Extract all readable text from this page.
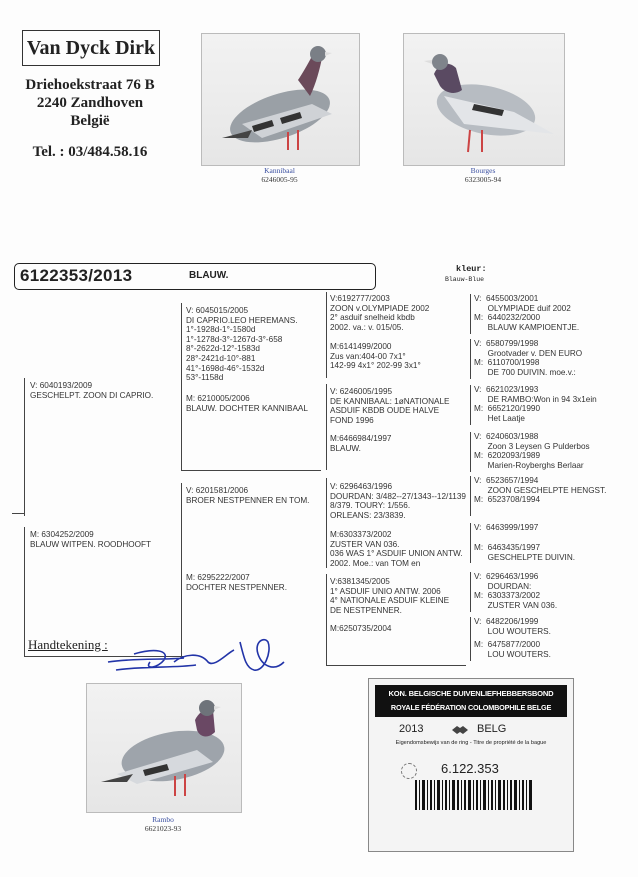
Van Dyck Dirk
Driehoekstraat 76 B
2240 Zandhoven
België
Tel. : 03/484.58.16
Kannibaal
6246005-95
Bourges
6323005-94
6122353/2013	BLAUW.
kleur:
Blauw-Blue
V: 6040193/2009
GESCHELPT. ZOON DI CAPRIO.
M: 6304252/2009
BLAUW WITPEN. ROODHOOFT
V: 6045015/2005
DI CAPRIO.LEO HEREMANS.
1°-1928d-1°-1580d
1°-1278d-3°-1267d-3°-658
8°-2622d-12°-1583d
28°-2421d-10°-881
41°-1698d-46°-1532d
53°-1158d
M: 6210005/2006
BLAUW. DOCHTER KANNIBAAL
V: 6201581/2006
BROER NESTPENNER EN TOM.
M: 6295222/2007
DOCHTER NESTPENNER.
V:6192777/2003
ZOON v.OLYMPIADE 2002
2° asduif snelheid kbdb
2002. va.: v. 015/05.
M:6141499/2000
Zus van:404-00 7x1°
142-99 4x1° 202-99 3x1°
V: 6246005/1995
DE KANNIBAAL: 1øNATIONALE
ASDUIF KBDB OUDE HALVE
FOND 1996
M:6466984/1997
BLAUW.
V: 6296463/1996
DOURDAN: 3/482--27/1343--12/1139
8/379. TOURY: 1/556.
ORLEANS: 23/3839.
M:6303373/2002
ZUSTER VAN 036.
036 WAS 1° ASDUIF UNION ANTW.
2002. Moe.: van TOM en
V:6381345/2005
1° ASDUIF UNIO ANTW. 2006
4° NATIONALE ASDUIF KLEINE
DE NESTPENNER.
M:6250735/2004
V:  6455003/2001
OLYMPIADE duif 2002
M:  6440232/2000
BLAUW KAMPIOENTJE.
V:  6580799/1998
Grootvader v. DEN EURO
M:  6110700/1998
DE 700 DUIVIN. moe.v.:
V:  6621023/1993
DE RAMBO:Won in 94 3x1ein
M:  6652120/1990
Het Laatje
V:  6240603/1988
Zoon 3 Leysen G Pulderbos
M:  6202093/1989
Marien-Royberghs Berlaar
V:  6523657/1994
ZOON GESCHELPTE HENGST.
M:  6523708/1994
V:  6463999/1997
M:  6463435/1997
GESCHELPTE DUIVIN.
V:  6296463/1996
DOURDAN:
M:  6303373/2002
ZUSTER VAN 036.
V:  6482206/1999
LOU WOUTERS.
M:  6475877/2000
LOU WOUTERS.
Handtekening :
Rambo
6621023-93
KON. BELGISCHE DUIVENLIEFHEBBERSBOND
ROYALE FÉDÉRATION COLOMBOPHILE BELGE
2013	BELG
Eigendomsbewijs van de ring - Titre de propriété de la bague
6.122.353
